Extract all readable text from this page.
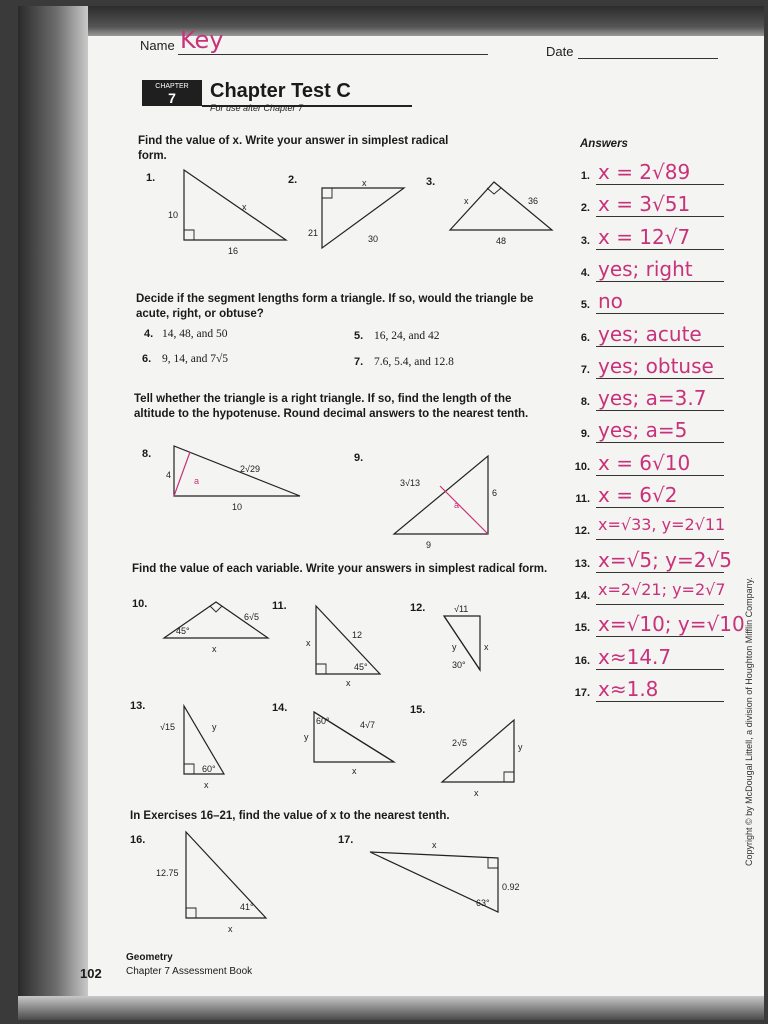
Name Key	Date
CHAPTER
7	Chapter Test C
For use after Chapter 7
Find the value of x. Write your answer in simplest radical form.
Decide if the segment lengths form a triangle. If so, would the triangle be acute, right, or obtuse?
Tell whether the triangle is a right triangle. If so, find the length of the altitude to the hypotenuse. Round decimal answers to the nearest tenth.
Find the value of each variable. Write your answers in simplest radical form.
In Exercises 16–21, find the value of x to the nearest tenth.
1.	2.	3.
4. 14, 48, and 50	5. 16, 24, and 42
6. 9, 14, and 7√5	7. 7.6, 5.4, and 12.8
8.	9.
10.	11.	12.
13.	14.	15.
16.	17.
x
10
16
x
21
30
x	36
48
4
2√29
10
a	3√13
6
9
a
6√5
45°
x
12
x
45°
x
√11
y	x
30°
√15	y
60°
x
60°	4√7
y
x
2√5	y
x
12.75
41°
x
x
0.92
63°
Answers
1. x = 2√89
2. x = 3√51
3. x = 12√7
4. yes; right
5. no
6. yes; acute
7. yes; obtuse
8. yes; a=3.7
9. yes; a=5
10. x = 6√10
11. x = 6√2
12. x=√33, y=2√11
13. x=√5; y=2√5
14. x=2√21; y=2√7
15. x=√10; y=√10
16. x≈14.7
17. x≈1.8
102
Geometry
Chapter 7 Assessment Book
Copyright © by McDougal Littell, a division of Houghton Mifflin Company.
